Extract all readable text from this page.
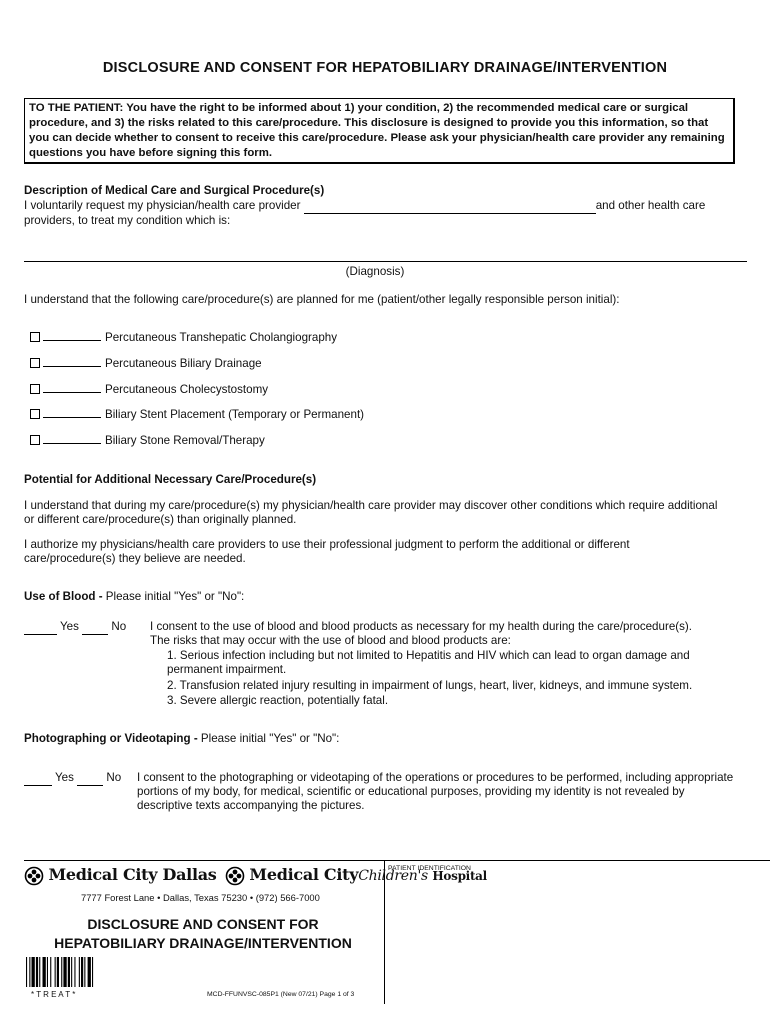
DISCLOSURE AND CONSENT FOR HEPATOBILIARY DRAINAGE/INTERVENTION
TO THE PATIENT: You have the right to be informed about 1) your condition, 2) the recommended medical care or surgical procedure, and 3) the risks related to this care/procedure. This disclosure is designed to provide you this information, so that you can decide whether to consent to receive this care/procedure. Please ask your physician/health care provider any remaining questions you have before signing this form.
Description of Medical Care and Surgical Procedure(s)
I voluntarily request my physician/health care provider	and other health care
providers, to treat my condition which is:
(Diagnosis)
I understand that the following care/procedure(s) are planned for me (patient/other legally responsible person initial):
Percutaneous Transhepatic Cholangiography
Percutaneous Biliary Drainage
Percutaneous Cholecystostomy
Biliary Stent Placement (Temporary or Permanent)
Biliary Stone Removal/Therapy
Potential for Additional Necessary Care/Procedure(s)
I understand that during my care/procedure(s) my physician/health care provider may discover other conditions which require additional or different care/procedure(s) than originally planned.
I authorize my physicians/health care providers to use their professional judgment to perform the additional or different care/procedure(s) they believe are needed.
Use of Blood - Please initial "Yes" or "No":
Yes	No I consent to the use of blood and blood products as necessary for my health during the care/procedure(s).
The risks that may occur with the use of blood and blood products are:
1. Serious infection including but not limited to Hepatitis and HIV which can lead to organ damage and permanent impairment.
2. Transfusion related injury resulting in impairment of lungs, heart, liver, kidneys, and immune system.
3. Severe allergic reaction, potentially fatal.
Photographing or Videotaping - Please initial "Yes" or "No":
Yes	No I consent to the photographing or videotaping of the operations or procedures to be performed, including appropriate portions of my body, for medical, scientific or educational purposes, providing my identity is not revealed by descriptive texts accompanying the pictures.
Medical City Dallas Medical CityChildren's Hospital
7777 Forest Lane • Dallas, Texas 75230 • (972) 566-7000
DISCLOSURE AND CONSENT FOR
HEPATOBILIARY DRAINAGE/INTERVENTION
* T R E A T *	MCD-FFUNVSC-085P1 (New 07/21) Page 1 of 3
PATIENT IDENTIFICATION
